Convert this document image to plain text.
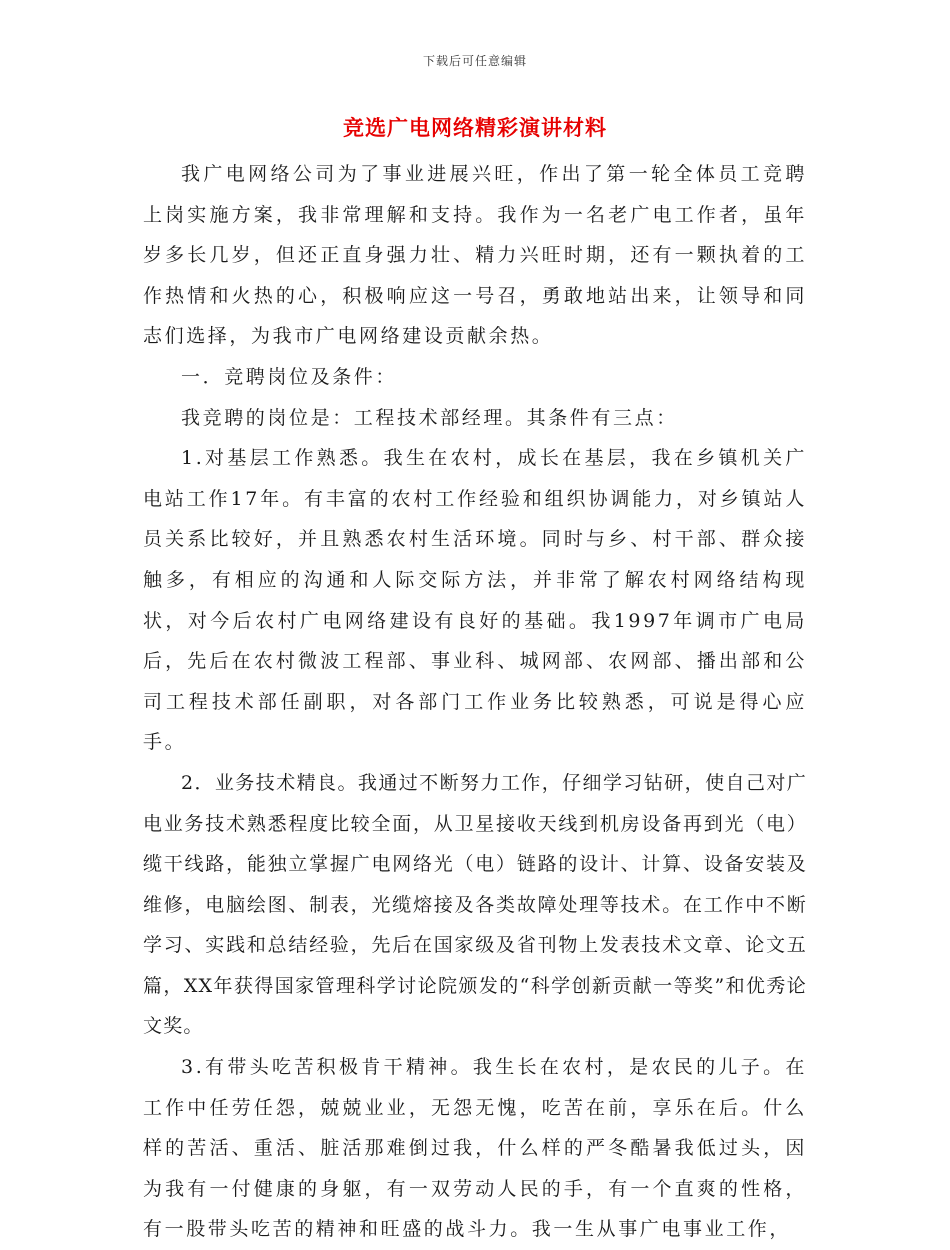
下载后可任意编辑
竞选广电网络精彩演讲材料

我广电网络公司为了事业进展兴旺，作出了第一轮全体员工竞聘上岗实施方案，我非常理解和支持。我作为一名老广电工作者，虽年岁多长几岁，但还正直身强力壮、精力兴旺时期，还有一颗执着的工作热情和火热的心，积极响应这一号召，勇敢地站出来，让领导和同志们选择，为我市广电网络建设贡献余热。

一．竞聘岗位及条件：

我竞聘的岗位是：工程技术部经理。其条件有三点：

1.对基层工作熟悉。我生在农村，成长在基层，我在乡镇机关广电站工作17年。有丰富的农村工作经验和组织协调能力，对乡镇站人员关系比较好，并且熟悉农村生活环境。同时与乡、村干部、群众接触多，有相应的沟通和人际交际方法，并非常了解农村网络结构现状，对今后农村广电网络建设有良好的基础。我1997年调市广电局后，先后在农村微波工程部、事业科、城网部、农网部、播出部和公司工程技术部任副职，对各部门工作业务比较熟悉，可说是得心应手。

2．业务技术精良。我通过不断努力工作，仔细学习钻研，使自己对广电业务技术熟悉程度比较全面，从卫星接收天线到机房设备再到光（电）缆干线路，能独立掌握广电网络光（电）链路的设计、计算、设备安装及维修，电脑绘图、制表，光缆熔接及各类故障处理等技术。在工作中不断学习、实践和总结经验，先后在国家级及省刊物上发表技术文章、论文五篇，XX年获得国家管理科学讨论院颁发的“科学创新贡献一等奖”和优秀论文奖。

3.有带头吃苦积极肯干精神。我生长在农村，是农民的儿子。在工作中任劳任怨，兢兢业业，无怨无愧，吃苦在前，享乐在后。什么样的苦活、重活、脏活那难倒过我，什么样的严冬酷暑我低过头，因为我有一付健康的身躯，有一双劳动人民的手，有一个直爽的性格，有一股带头吃苦的精神和旺盛的战斗力。我一生从事广电事业工作，
